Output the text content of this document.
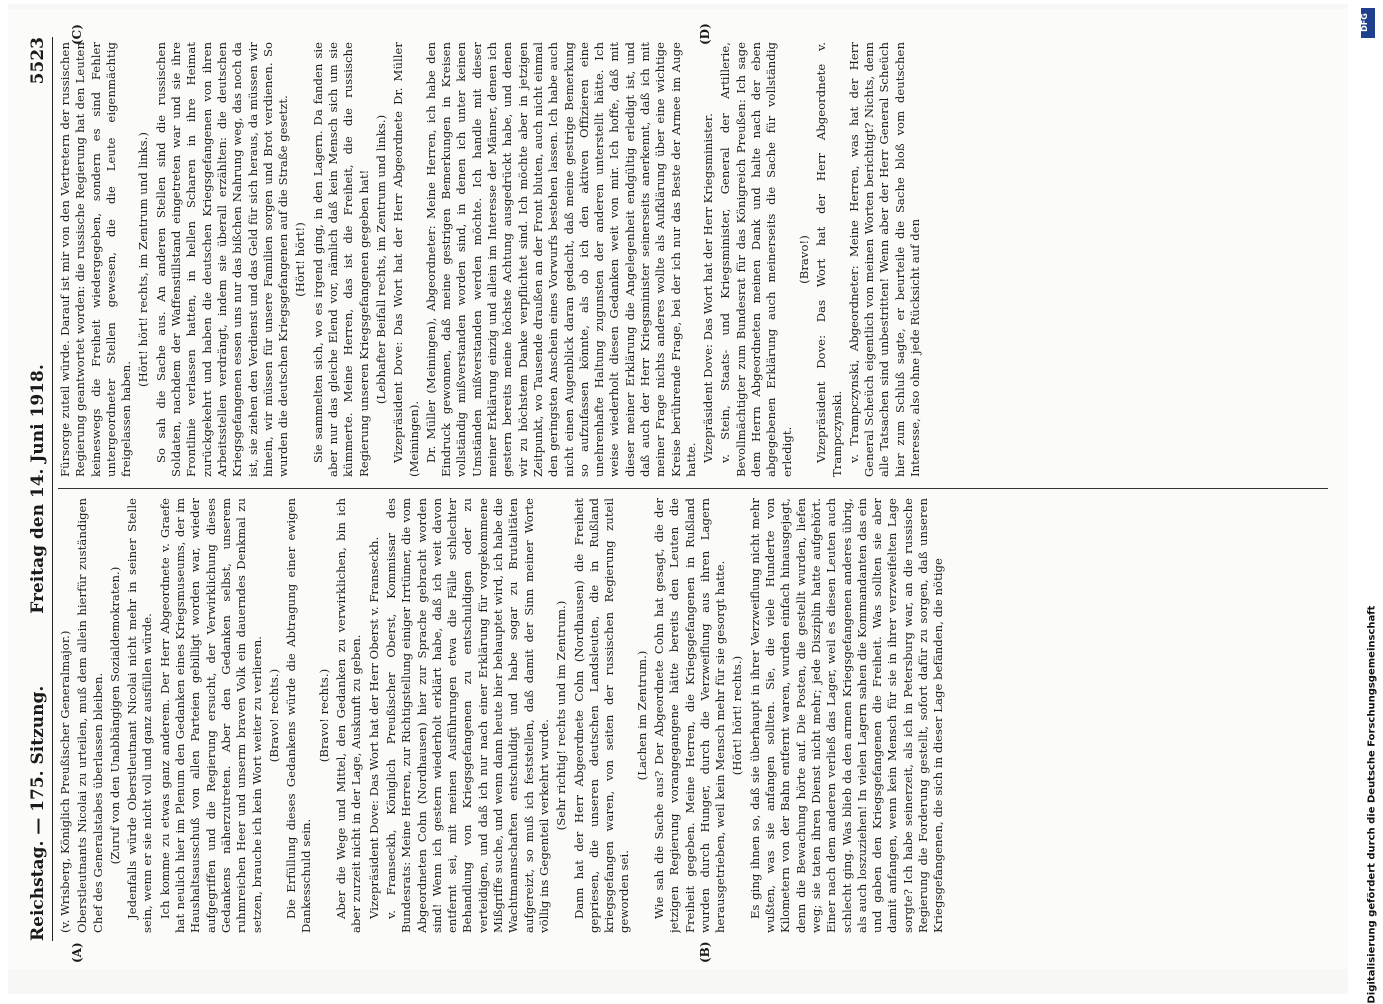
Reichstag. — 175. Sitzung.
Freitag den 14. Juni 1918.
5523
(A)	(B)
(C)	(D)

(v. Wrisberg, Königlich Preußischer Generalmajor.) Oberstleutnants Nicolai zu urteilen, muß dem allein hierfür zuständigen Chef des Generalstabes überlassen bleiben. (Zuruf von den Unabhängigen Sozialdemokraten.) Jedenfalls würde Oberstleutnant Nicolai nicht mehr in seiner Stelle sein, wenn er sie nicht voll und ganz ausfüllen würde. Ich komme zu etwas ganz anderem. Der Herr Abgeordnete v. Graefe hat neulich hier im Plenum den Gedanken eines Kriegsmuseums, der im Haushaltsausschuß von allen Parteien gebilligt worden war, wieder aufgegriffen und die Regierung ersucht, der Verwirklichung dieses Gedankens näherzutreten. Aber den Gedanken selbst, unserem ruhmreichen Heer und unserm braven Volk ein dauerndes Denkmal zu setzen, brauche ich kein Wort weiter zu verlieren. (Bravo! rechts.) Die Erfüllung dieses Gedankens würde die Abtragung einer ewigen Dankesschuld sein.

(Bravo! rechts.) Aber die Wege und Mittel, den Gedanken zu verwirklichen, bin ich aber zurzeit nicht in der Lage, Auskunft zu geben. Vizepräsident Dove: Das Wort hat der Herr Oberst v. Franseckh. v. Franseckh, Königlich Preußischer Oberst, Kommissar des Bundesrats: Meine Herren, zur Richtigstellung einiger Irrtümer, die vom Abgeordneten Cohn (Nordhausen) hier zur Sprache gebracht worden sind! Wenn ich gestern wiederholt erklärt habe, daß ich weit davon entfernt sei, mit meinen Ausführungen etwa die Fälle schlechter Behandlung von Kriegsgefangenen zu entschuldigen oder zu verteidigen, und daß ich nur nach einer Erklärung für vorgekommene Mißgriffe suche, und wenn dann heute hier behauptet wird, ich habe die Wachtmannschaften entschuldigt und habe sogar zu Brutalitäten aufgereizt, so muß ich feststellen, daß damit der Sinn meiner Worte völlig ins Gegenteil verkehrt wurde. (Sehr richtig! rechts und im Zentrum.) Dann hat der Herr Abgeordnete Cohn (Nordhausen) die Freiheit gepriesen, die unseren deutschen Landsleuten, die in Rußland kriegsgefangen waren, von seiten der russischen Regierung zuteil geworden sei.

(Lachen im Zentrum.) Wie sah die Sache aus? Der Abgeordnete Cohn hat gesagt, die der jetzigen Regierung vorangegangene hätte bereits den Leuten die Freiheit gegeben. Meine Herren, die Kriegsgefangenen in Rußland wurden durch Hunger, durch die Verzweiflung aus ihren Lagern herausgetrieben, weil kein Mensch mehr für sie gesorgt hatte. (Hört! hört! rechts.) Es ging ihnen so, daß sie überhaupt in ihrer Verzweiflung nicht mehr wußten, was sie anfangen sollten. Sie, die viele Hunderte von Kilometern von der Bahn entfernt waren, wurden einfach hinausgejagt, denn die Bewachung hörte auf. Die Posten, die gestellt wurden, liefen weg; sie taten ihren Dienst nicht mehr; jede Disziplin hatte aufgehört. Einer nach dem anderen verließ das Lager, weil es diesen Leuten auch schlecht ging. Was blieb da den armen Kriegsgefangenen anderes übrig, als auch loszuziehen! In vielen Lagern sahen die Kommandanten das ein und gaben den Kriegsgefangenen die Freiheit. Was sollten sie aber damit anfangen, wenn kein Mensch für sie in ihrer verzweifelten Lage sorgte? Ich habe seinerzeit, als ich in Petersburg war, an die russische Regierung die Forderung gestellt, sofort dafür zu sorgen, daß unseren Kriegsgefangenen, die sich in dieser Lage befänden, die nötige

Fürsorge zuteil würde. Darauf ist mir von den Vertretern der russischen Regierung geantwortet worden: die russische Regierung hat den Leuten keineswegs die Freiheit wiedergegeben, sondern es sind Fehler untergeordneter Stellen gewesen, die die Leute eigenmächtig freigelassen haben.

(Hört! hört! rechts, im Zentrum und links.) So sah die Sache aus. An anderen Stellen sind die russischen Soldaten, nachdem der Waffenstillstand eingetreten war und sie ihre Frontlinie verlassen hatten, in hellen Scharen in ihre Heimat zurückgekehrt und haben die deutschen Kriegsgefangenen von ihren Arbeitsstellen verdrängt, indem sie überall erzählten: die deutschen Kriegsgefangenen essen uns nur das bißchen Nahrung weg, das noch da ist, sie ziehen den Verdienst und das Geld für sich heraus, da müssen wir hinein, wir müssen für unsere Familien sorgen und Brot verdienen. So wurden die deutschen Kriegsgefangenen auf die Straße gesetzt. (Hört! hört!) Sie sammelten sich, wo es irgend ging, in den Lagern. Da fanden sie aber nur das gleiche Elend vor, nämlich daß kein Mensch sich um sie kümmerte. Meine Herren, das ist die Freiheit, die die russische Regierung unseren Kriegsgefangenen gegeben hat! (Lebhafter Beifall rechts, im Zentrum und links.) Vizepräsident Dove: Das Wort hat der Herr Abgeordnete Dr. Müller (Meiningen). Dr. Müller (Meiningen), Abgeordneter: Meine Herren, ich habe den Eindruck gewonnen, daß meine gestrigen Bemerkungen in Kreisen vollständig mißverstanden worden sind, in denen ich unter keinen Umständen mißverstanden werden möchte. Ich handle mit dieser meiner Erklärung einzig und allein im Interesse der Männer, denen ich gestern bereits meine höchste Achtung ausgedrückt habe, und denen wir zu höchstem Danke verpflichtet sind. Ich möchte aber in jetzigen Zeitpunkt, wo Tausende draußen an der Front bluten, auch nicht einmal den geringsten Anschein eines Vorwurfs bestehen lassen. Ich habe auch nicht einen Augenblick daran gedacht, daß meine gestrige Bemerkung so aufzufassen könnte, als ob ich den aktiven Offizieren eine unehrenhafte Haltung zugunsten der anderen unterstellt hätte. Ich weise wiederholt diesen Gedanken weit von mir. Ich hoffe, daß mit dieser meiner Erklärung die Angelegenheit endgültig erledigt ist, und daß auch der Herr Kriegsminister seinerseits anerkennt, daß ich mit meiner Frage nichts anderes wollte als Aufklärung über eine wichtige Kreise berührende Frage, bei der ich nur das Beste der Armee im Auge hatte. Vizepräsident Dove: Das Wort hat der Herr Kriegsminister. v. Stein, Staats- und Kriegsminister, General der Artillerie, Bevollmächtigter zum Bundesrat für das Königreich Preußen: Ich sage dem Herrn Abgeordneten meinen Dank und halte nach der eben abgegebenen Erklärung auch meinerseits die Sache für vollständig erledigt.

(Bravo!) Vizepräsident Dove: Das Wort hat der Herr Abgeordnete v. Trampczynski. v. Trampczynski, Abgeordneter: Meine Herren, was hat der Herr General Scheüch eigentlich von meinen Worten berichtigt? Nichts, denn alle Tatsachen sind unbestritten! Wenn aber der Herr General Scheüch hier zum Schluß sagte, er beurteile die Sache bloß vom deutschen Interesse, also ohne jede Rücksicht auf den

DFG
Digitalisierung gefördert durch die Deutsche Forschungsgemeinschaft
